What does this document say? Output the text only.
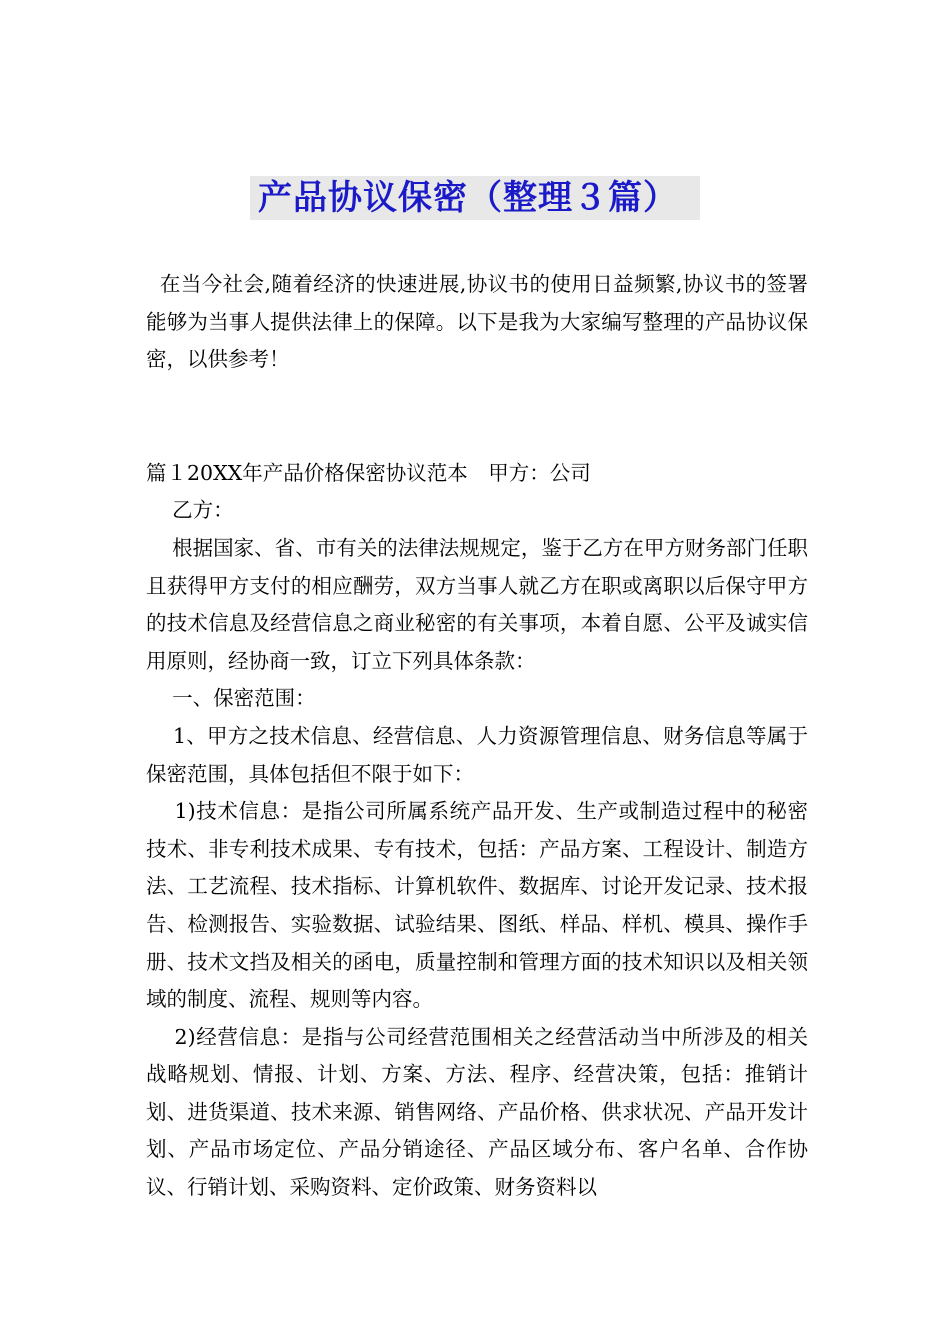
产品协议保密（整理３篇）

在当今社会,随着经济的快速进展,协议书的使用日益频繁,协议书的签署能够为当事人提供法律上的保障。以下是我为大家编写整理的产品协议保密，以供参考！

篇１20XX年产品价格保密协议范本　甲方：公司

乙方：

根据国家、省、市有关的法律法规规定，鉴于乙方在甲方财务部门任职且获得甲方支付的相应酬劳，双方当事人就乙方在职或离职以后保守甲方的技术信息及经营信息之商业秘密的有关事项，本着自愿、公平及诚实信用原则，经协商一致，订立下列具体条款：

一、保密范围：

1、甲方之技术信息、经营信息、人力资源管理信息、财务信息等属于保密范围，具体包括但不限于如下：

1)技术信息：是指公司所属系统产品开发、生产或制造过程中的秘密技术、非专利技术成果、专有技术，包括：产品方案、工程设计、制造方法、工艺流程、技术指标、计算机软件、数据库、讨论开发记录、技术报告、检测报告、实验数据、试验结果、图纸、样品、样机、模具、操作手册、技术文挡及相关的函电，质量控制和管理方面的技术知识以及相关领域的制度、流程、规则等内容。

2)经营信息：是指与公司经营范围相关之经营活动当中所涉及的相关战略规划、情报、计划、方案、方法、程序、经营决策，包括：推销计划、进货渠道、技术来源、销售网络、产品价格、供求状况、产品开发计划、产品市场定位、产品分销途径、产品区域分布、客户名单、合作协议、行销计划、采购资料、定价政策、财务资料以
